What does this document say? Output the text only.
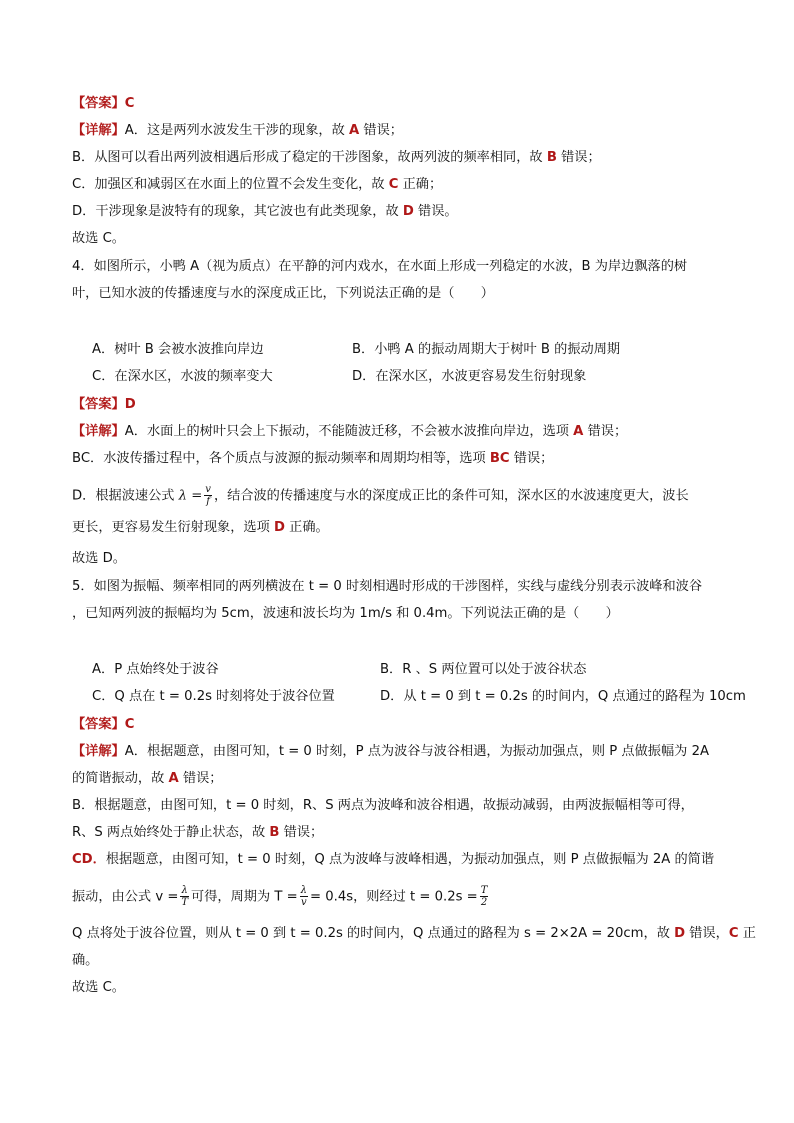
【答案】C
【详解】A．这是两列水波发生干涉的现象，故 A 错误；
B．从图可以看出两列波相遇后形成了稳定的干涉图象，故两列波的频率相同，故 B 错误；
C．加强区和减弱区在水面上的位置不会发生变化，故 C 正确；
D．干涉现象是波特有的现象，其它波也有此类现象，故 D 错误。
故选 C。
4．如图所示，小鸭 A（视为质点）在平静的河内戏水，在水面上形成一列稳定的水波，B 为岸边飘落的树
叶，已知水波的传播速度与水的深度成正比，下列说法正确的是（　　）
A．树叶 B 会被水波推向岸边	B．小鸭 A 的振动周期大于树叶 B 的振动周期
C．在深水区，水波的频率变大	D．在深水区，水波更容易发生衍射现象
【答案】D
【详解】A．水面上的树叶只会上下振动，不能随波迁移，不会被水波推向岸边，选项 A 错误；
BC．水波传播过程中，各个质点与波源的振动频率和周期均相等，选项 BC 错误；
D．根据波速公式 $\lambda = \frac{v}{f}$ ，结合波的传播速度与水的深度成正比的条件可知，深水区的水波速度更大，波长
更长，更容易发生衍射现象，选项 D 正确。
故选 D。
5．如图为振幅、频率相同的两列横波在 t = 0 时刻相遇时形成的干涉图样，实线与虚线分别表示波峰和波谷
，已知两列波的振幅均为 5cm，波速和波长均为 1m/s 和 0.4m。下列说法正确的是（　　）
A．P 点始终处于波谷	B．R 、S 两位置可以处于波谷状态
C．Q 点在 t = 0.2s 时刻将处于波谷位置	D．从 t = 0 到 t = 0.2s 的时间内，Q 点通过的路程为 10cm
【答案】C
【详解】A．根据题意，由图可知，t = 0 时刻，P 点为波谷与波谷相遇，为振动加强点，则 P 点做振幅为 2A
的简谐振动，故 A 错误；
B．根据题意，由图可知，t = 0 时刻，R、S 两点为波峰和波谷相遇，故振动减弱，由两波振幅相等可得，
R、S 两点始终处于静止状态，故 B 错误；
CD．根据题意，由图可知，t = 0 时刻，Q 点为波峰与波峰相遇，为振动加强点，则 P 点做振幅为 2A 的简谐
振动，由公式 $v = \frac{\lambda}{T}$ 可得，周期为 $T = \frac{\lambda}{v} = 0.4s$，则经过 $t = 0.2s = \frac{T}{2}$
Q 点将处于波谷位置，则从 t = 0 到 t = 0.2s 的时间内，Q 点通过的路程为 s = 2×2A = 20cm，故 D 错误，C 正
确。
故选 C。
